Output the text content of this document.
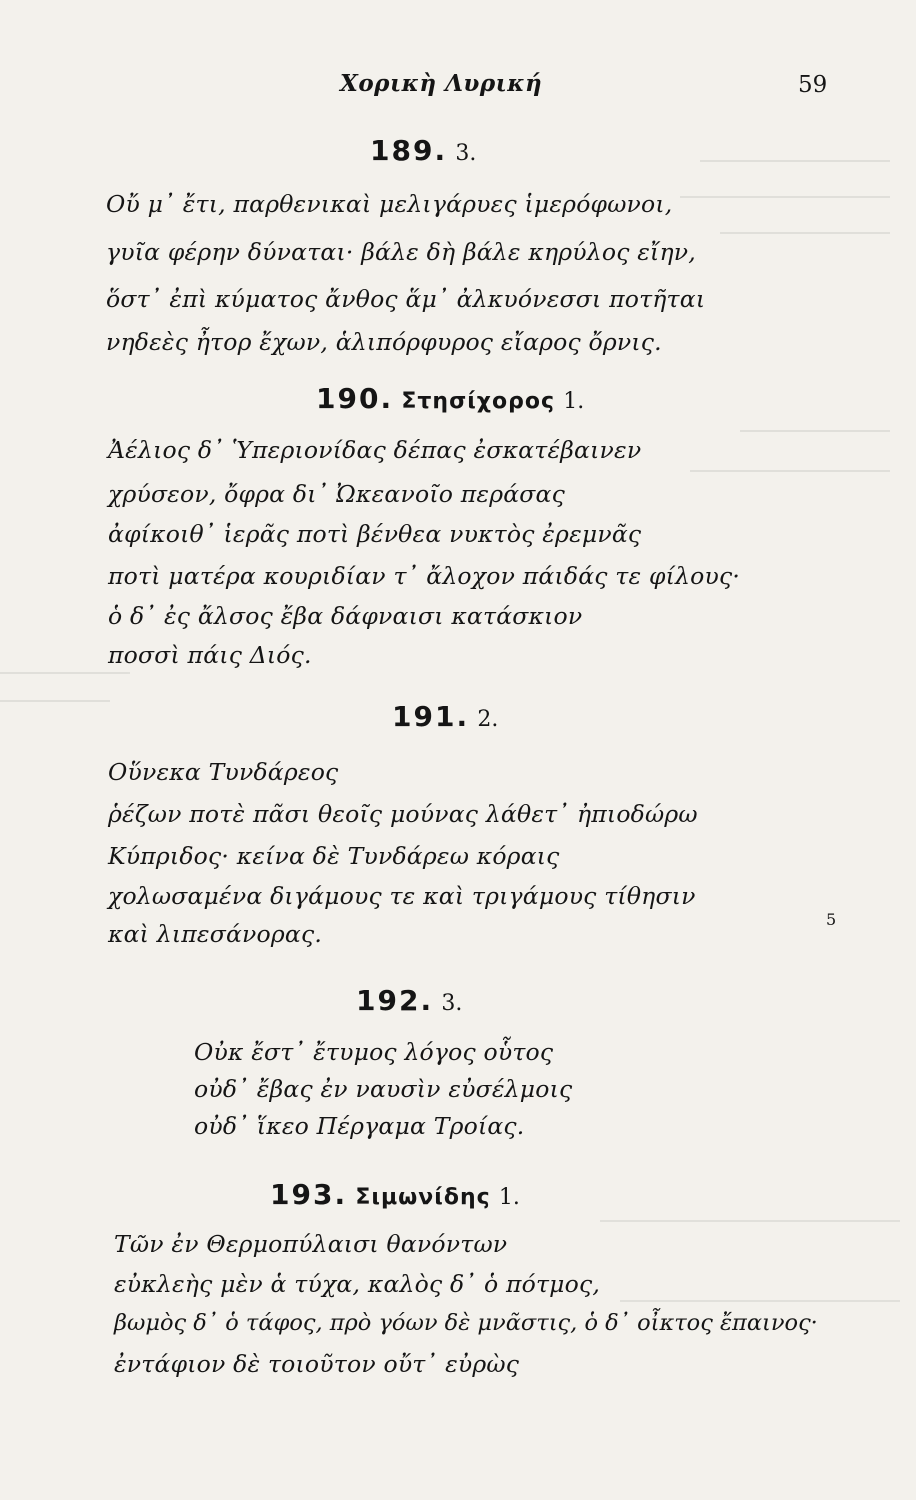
Χορικὴ Λυρική	59
189. 3.
Οὔ μ᾽ ἔτι, παρθενικαὶ μελιγάρυες ἱμερόφωνοι,
γυῖα φέρην δύναται· βάλε δὴ βάλε κηρύλος εἴην,
ὅστ᾽ ἐπὶ κύματος ἄνθος ἅμ᾽ ἀλκυόνεσσι ποτῆται
νηδεὲς ἦτορ ἔχων, ἁλιπόρφυρος εἴαρος ὄρνις.
190. Στησίχορος 1.
Ἀέλιος δ᾽ Ὑπεριονίδας δέπας ἐσκατέβαινεν
χρύσεον, ὄφρα δι᾽ Ὠκεανοῖο περάσας
ἀφίκοιθ᾽ ἱερᾶς ποτὶ βένθεα νυκτὸς ἐρεμνᾶς
ποτὶ ματέρα κουριδίαν τ᾽ ἄλοχον πάιδάς τε φίλους·
ὁ δ᾽ ἐς ἄλσος ἔβα δάφναισι κατάσκιον
ποσσὶ πάις Διός.
191. 2.
Οὕνεκα Τυνδάρεος
ῥέζων ποτὲ πᾶσι θεοῖς μούνας λάθετ᾽ ἠπιοδώρω
Κύπριδος· κείνα δὲ Τυνδάρεω κόραις
χολωσαμένα διγάμους τε καὶ τριγάμους τίθησιν
καὶ λιπεσάνορας.
5
192. 3.
Οὐκ ἔστ᾽ ἔτυμος λόγος οὗτος
οὐδ᾽ ἔβας ἐν ναυσὶν εὐσέλμοις
οὐδ᾽ ἵκεο Πέργαμα Τροίας.
193. Σιμωνίδης 1.
Τῶν ἐν Θερμοπύλαισι θανόντων
εὐκλεὴς μὲν ἁ τύχα, καλὸς δ᾽ ὁ πότμος,
βωμὸς δ᾽ ὁ τάφος, πρὸ γόων δὲ μνᾶστις, ὁ δ᾽ οἶκτος ἔπαινος·
ἐντάφιον δὲ τοιοῦτον οὔτ᾽ εὐρὼς
